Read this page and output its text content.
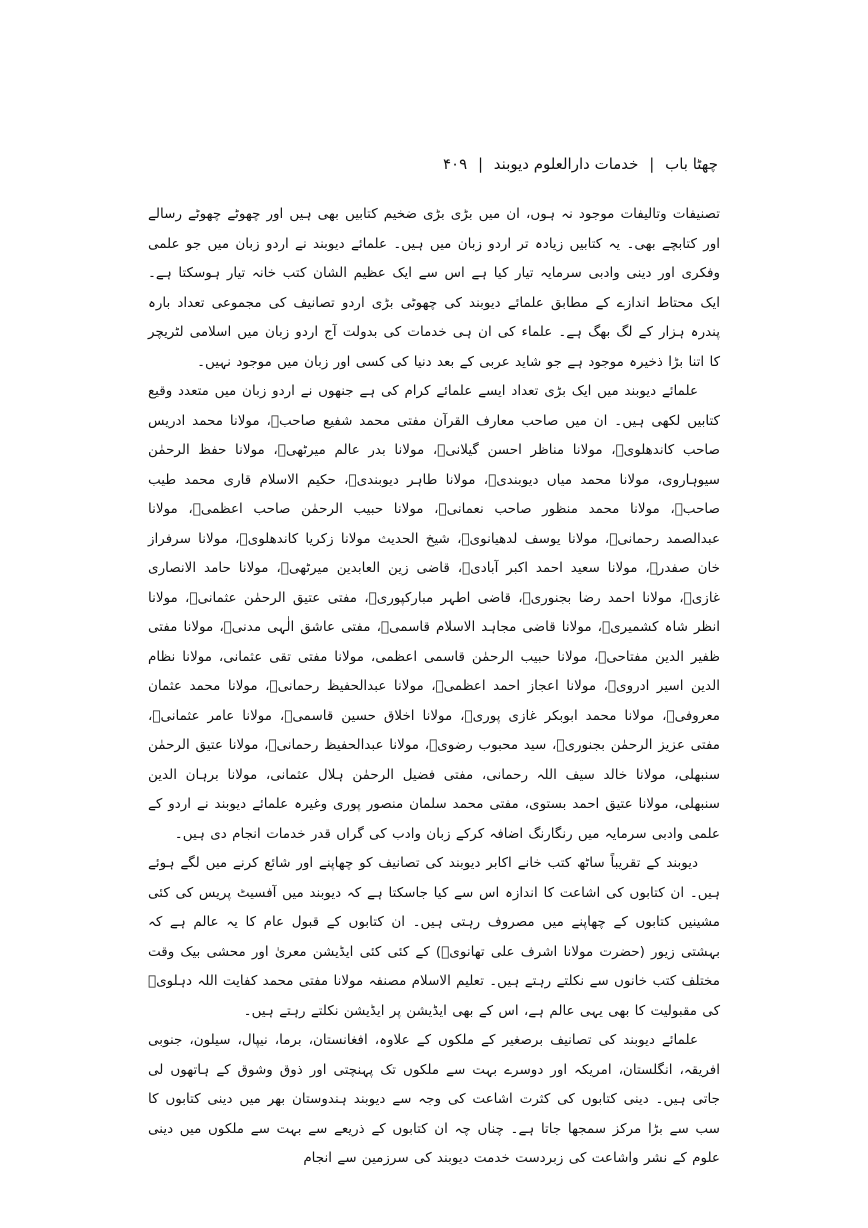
چھٹا باب | خدمات دارالعلوم دیوبند | ۴۰۹

تصنیفات وتالیفات موجود نہ ہوں، ان میں بڑی بڑی ضخیم کتابیں بھی ہیں اور چھوٹے چھوٹے رسالے اور کتابچے بھی۔ یہ کتابیں زیادہ تر اردو زبان میں ہیں۔ علمائے دیوبند نے اردو زبان میں جو علمی وفکری اور دینی وادبی سرمایہ تیار کیا ہے اس سے ایک عظیم الشان کتب خانہ تیار ہوسکتا ہے۔ ایک محتاط اندازے کے مطابق علمائے دیوبند کی چھوٹی بڑی اردو تصانیف کی مجموعی تعداد بارہ پندرہ ہزار کے لگ بھگ ہے۔ علماء کی ان ہی خدمات کی بدولت آج اردو زبان میں اسلامی لٹریچر کا اتنا بڑا ذخیرہ موجود ہے جو شاید عربی کے بعد دنیا کی کسی اور زبان میں موجود نہیں۔

علمائے دیوبند میں ایک بڑی تعداد ایسے علمائے کرام کی ہے جنھوں نے اردو زبان میں متعدد وقیع کتابیں لکھی ہیں۔ ان میں صاحب معارف القرآن مفتی محمد شفیع صاحبؒ، مولانا محمد ادریس صاحب کاندھلویؒ، مولانا مناظر احسن گیلانیؒ، مولانا بدر عالم میرٹھیؒ، مولانا حفظ الرحمٰن سیوہاروی، مولانا محمد میاں دیوبندیؒ، مولانا طاہر دیوبندیؒ، حکیم الاسلام قاری محمد طیب صاحبؒ، مولانا محمد منظور صاحب نعمانیؒ، مولانا حبیب الرحمٰن صاحب اعظمیؒ، مولانا عبدالصمد رحمانیؒ، مولانا یوسف لدھیانویؒ، شیخ الحدیث مولانا زکریا کاندھلویؒ، مولانا سرفراز خان صفدرؒ، مولانا سعید احمد اکبر آبادیؒ، قاضی زین العابدین میرٹھیؒ، مولانا حامد الانصاری غازیؒ، مولانا احمد رضا بجنوریؒ، قاضی اطہر مبارکپوریؒ، مفتی عتیق الرحمٰن عثمانیؒ، مولانا انظر شاہ کشمیریؒ، مولانا قاضی مجاہد الاسلام قاسمیؒ، مفتی عاشق الٰہی مدنیؒ، مولانا مفتی ظفیر الدین مفتاحیؒ، مولانا حبیب الرحمٰن قاسمی اعظمی، مولانا مفتی تقی عثمانی، مولانا نظام الدین اسیر ادرویؒ، مولانا اعجاز احمد اعظمیؒ، مولانا عبدالحفیظ رحمانیؒ، مولانا محمد عثمان معروفیؒ، مولانا محمد ابوبکر غازی پوریؒ، مولانا اخلاق حسین قاسمیؒ، مولانا عامر عثمانیؒ، مفتی عزیز الرحمٰن بجنوریؒ، سید محبوب رضویؒ، مولانا عبدالحفیظ رحمانیؒ، مولانا عتیق الرحمٰن سنبھلی، مولانا خالد سیف اللہ رحمانی، مفتی فضیل الرحمٰن ہلال عثمانی، مولانا برہان الدین سنبھلی، مولانا عتیق احمد بستوی، مفتی محمد سلمان منصور پوری وغیرہ علمائے دیوبند نے اردو کے علمی وادبی سرمایہ میں رنگارنگ اضافہ کرکے زبان وادب کی گراں قدر خدمات انجام دی ہیں۔

دیوبند کے تقریباً ساٹھ کتب خانے اکابر دیوبند کی تصانیف کو چھاپنے اور شائع کرنے میں لگے ہوئے ہیں۔ ان کتابوں کی اشاعت کا اندازہ اس سے کیا جاسکتا ہے کہ دیوبند میں آفسیٹ پریس کی کئی مشینیں کتابوں کے چھاپنے میں مصروف رہتی ہیں۔ ان کتابوں کے قبول عام کا یہ عالم ہے کہ بہشتی زیور (حضرت مولانا اشرف علی تھانویؒ) کے کئی کئی ایڈیشن معریٰ اور محشی بیک وقت مختلف کتب خانوں سے نکلتے رہتے ہیں۔ تعلیم الاسلام مصنفہ مولانا مفتی محمد کفایت اللہ دہلویؒ کی مقبولیت کا بھی یہی عالم ہے، اس کے بھی ایڈیشن پر ایڈیشن نکلتے رہتے ہیں۔

علمائے دیوبند کی تصانیف برصغیر کے ملکوں کے علاوہ، افغانستان، برما، نیپال، سیلون، جنوبی افریقہ، انگلستان، امریکہ اور دوسرے بہت سے ملکوں تک پہنچتی اور ذوق وشوق کے ہاتھوں لی جاتی ہیں۔ دینی کتابوں کی کثرت اشاعت کی وجہ سے دیوبند ہندوستان بھر میں دینی کتابوں کا سب سے بڑا مرکز سمجھا جاتا ہے۔ چناں چہ ان کتابوں کے ذریعے سے بہت سے ملکوں میں دینی علوم کے نشر واشاعت کی زبردست خدمت دیوبند کی سرزمین سے انجام
